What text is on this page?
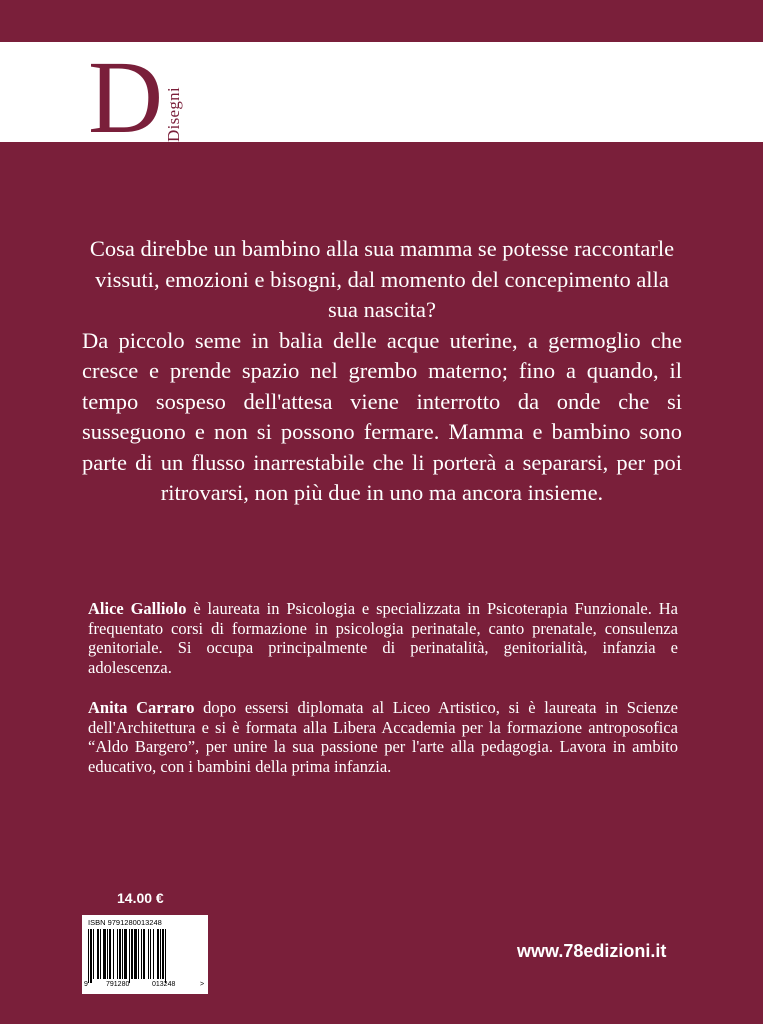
D Disegni

Cosa direbbe un bambino alla sua mamma se potesse raccontarle vissuti, emozioni e bisogni, dal momento del concepimento alla sua nascita?

Da piccolo seme in balia delle acque uterine, a germoglio che cresce e prende spazio nel grembo materno; fino a quando, il tempo sospeso dell'attesa viene interrotto da onde che si susseguono e non si possono fermare. Mamma e bambino sono parte di un flusso inarrestabile che li porterà a separarsi, per poi ritrovarsi, non più due in uno ma ancora insieme.

Alice Galliolo è laureata in Psicologia e specializzata in Psicoterapia Funzionale. Ha frequentato corsi di formazione in psicologia perinatale, canto prenatale, consulenza genitoriale. Si occupa principalmente di perinatalità, genitorialità, infanzia e adolescenza.

Anita Carraro dopo essersi diplomata al Liceo Artistico, si è laureata in Scienze dell'Architettura e si è formata alla Libera Accademia per la formazione antroposofica “Aldo Bargero”, per unire la sua passione per l'arte alla pedagogia. Lavora in ambito educativo, con i bambini della prima infanzia.

14.00 €
ISBN 9791280013248
9	791280	013248	>
www.78edizioni.it
